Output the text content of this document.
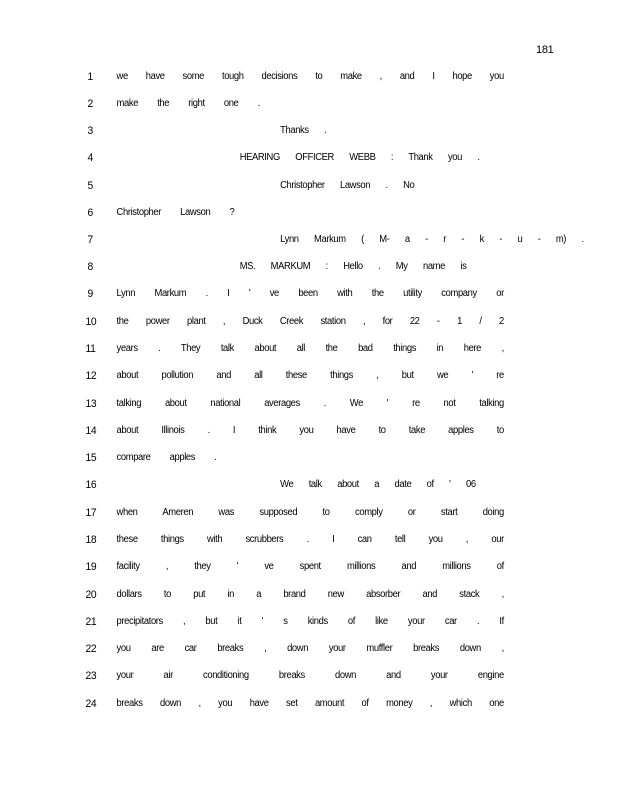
181
1 we have some tough decisions to make , and I hope you
2 make the right one .
3	Thanks .
4	HEARING OFFICER WEBB : Thank you .
5	Christopher Lawson . No
6 Christopher Lawson ?
7	Lynn Markum ( M- a - r - k - u - m) .
8	MS. MARKUM : Hello . My name is
9 Lynn Markum . I ' ve been with the utility company or
10 the power plant , Duck Creek station , for 22 - 1 / 2
11 years . They talk about all the bad things in here ,
12 about pollution and all these things , but we ' re
13 talking about national averages . We ' re not talking
14 about Illinois . I think you have to take apples to
15 compare apples .
16	We talk about a date of ' 06
17 when Ameren was supposed to comply or start doing
18 these things with scrubbers . I can tell you , our
19 facility , they ' ve spent millions and millions of
20 dollars to put in a brand new absorber and stack ,
21 precipitators , but it ' s kinds of like your car . If
22 you are car breaks , down your muffler breaks down ,
23 your air conditioning breaks down and your engine
24 breaks down , you have set amount of money , which one
